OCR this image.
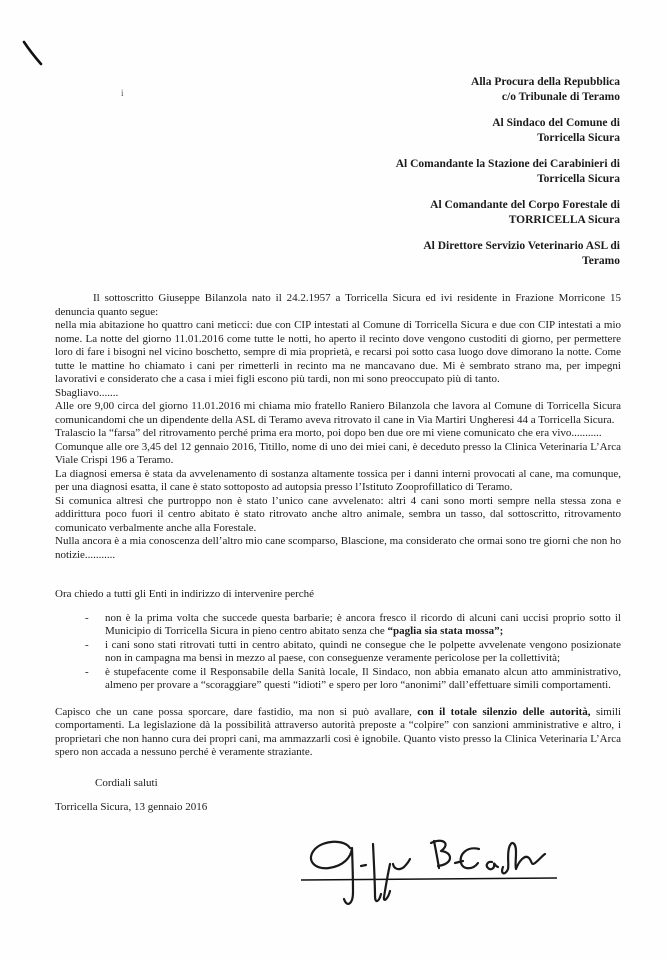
i
Alla Procura della Repubblica
c/o Tribunale di Teramo
Al Sindaco del Comune di
Torricella Sicura
Al Comandante la Stazione dei Carabinieri di
Torricella Sicura
Al Comandante del Corpo Forestale di
TORRICELLA Sicura
Al Direttore Servizio Veterinario ASL di
Teramo

Il sottoscritto Giuseppe Bilanzola nato il 24.2.1957 a Torricella Sicura ed ivi residente in Frazione Morricone 15 denuncia quanto segue:

nella mia abitazione ho quattro cani meticci: due con CIP intestati al Comune di Torricella Sicura e due con CIP intestati a mio nome. La notte del giorno 11.01.2016 come tutte le notti, ho aperto il recinto dove vengono custoditi di giorno, per permettere loro di fare i bisogni nel vicino boschetto, sempre di mia proprietà, e recarsi poi sotto casa luogo dove dimorano la notte. Come tutte le mattine ho chiamato i cani per rimetterli in recinto ma ne mancavano due. Mi è sembrato strano ma, per impegni lavorativi e considerato che a casa i miei figli escono più tardi, non mi sono preoccupato più di tanto.

Sbagliavo.......

Alle ore 9,00 circa del giorno 11.01.2016 mi chiama mio fratello Raniero Bilanzola che lavora al Comune di Torricella Sicura comunicandomi che un dipendente della ASL di Teramo aveva ritrovato il cane in Via Martiri Ungheresi 44 a Torricella Sicura.

Tralascio la “farsa” del ritrovamento perché prima era morto, poi dopo ben due ore mi viene comunicato che era vivo...........

Comunque alle ore 3,45 del 12 gennaio 2016, Titillo, nome di uno dei miei cani, è deceduto presso la Clinica Veterinaria L’Arca Viale Crispi 196 a Teramo.

La diagnosi emersa è stata da avvelenamento di sostanza altamente tossica per i danni interni provocati al cane, ma comunque, per una diagnosi esatta, il cane è stato sottoposto ad autopsia presso l’Istituto Zooprofillatico di Teramo.

Si comunica altresì che purtroppo non è stato l’unico cane avvelenato: altri 4 cani sono morti sempre nella stessa zona e addirittura poco fuori il centro abitato è stato ritrovato anche altro animale, sembra un tasso, dal sottoscritto, ritrovamento comunicato verbalmente anche alla Forestale.

Nulla ancora è a mia conoscenza dell’altro mio cane scomparso, Blascione, ma considerato che ormai sono tre giorni che non ho notizie...........

Ora chiedo a tutti gli Enti in indirizzo di intervenire perché

-	non è la prima volta che succede questa barbarie; è ancora fresco il ricordo di alcuni cani uccisi proprio sotto il Municipio di Torricella Sicura in pieno centro abitato senza che “paglia sia stata mossa”;
-	i cani sono stati ritrovati tutti in centro abitato, quindi ne consegue che le polpette avvelenate vengono posizionate non in campagna ma bensì in mezzo al paese, con conseguenze veramente pericolose per la collettività;
-	è stupefacente come il Responsabile della Sanità locale, Il Sindaco, non abbia emanato alcun atto amministrativo, almeno per provare a “scoraggiare” questi “idioti” e spero per loro “anonimi” dall’effettuare simili comportamenti.

Capisco che un cane possa sporcare, dare fastidio, ma non si può avallare, con il totale silenzio delle autorità, simili comportamenti. La legislazione dà la possibilità attraverso autorità preposte a “colpire” con sanzioni amministrative e altro, i proprietari che non hanno cura dei propri cani, ma ammazzarli così è ignobile. Quanto visto presso la Clinica Veterinaria L’Arca spero non accada a nessuno perché è veramente straziante.

Cordiali saluti

Torricella Sicura, 13 gennaio 2016
